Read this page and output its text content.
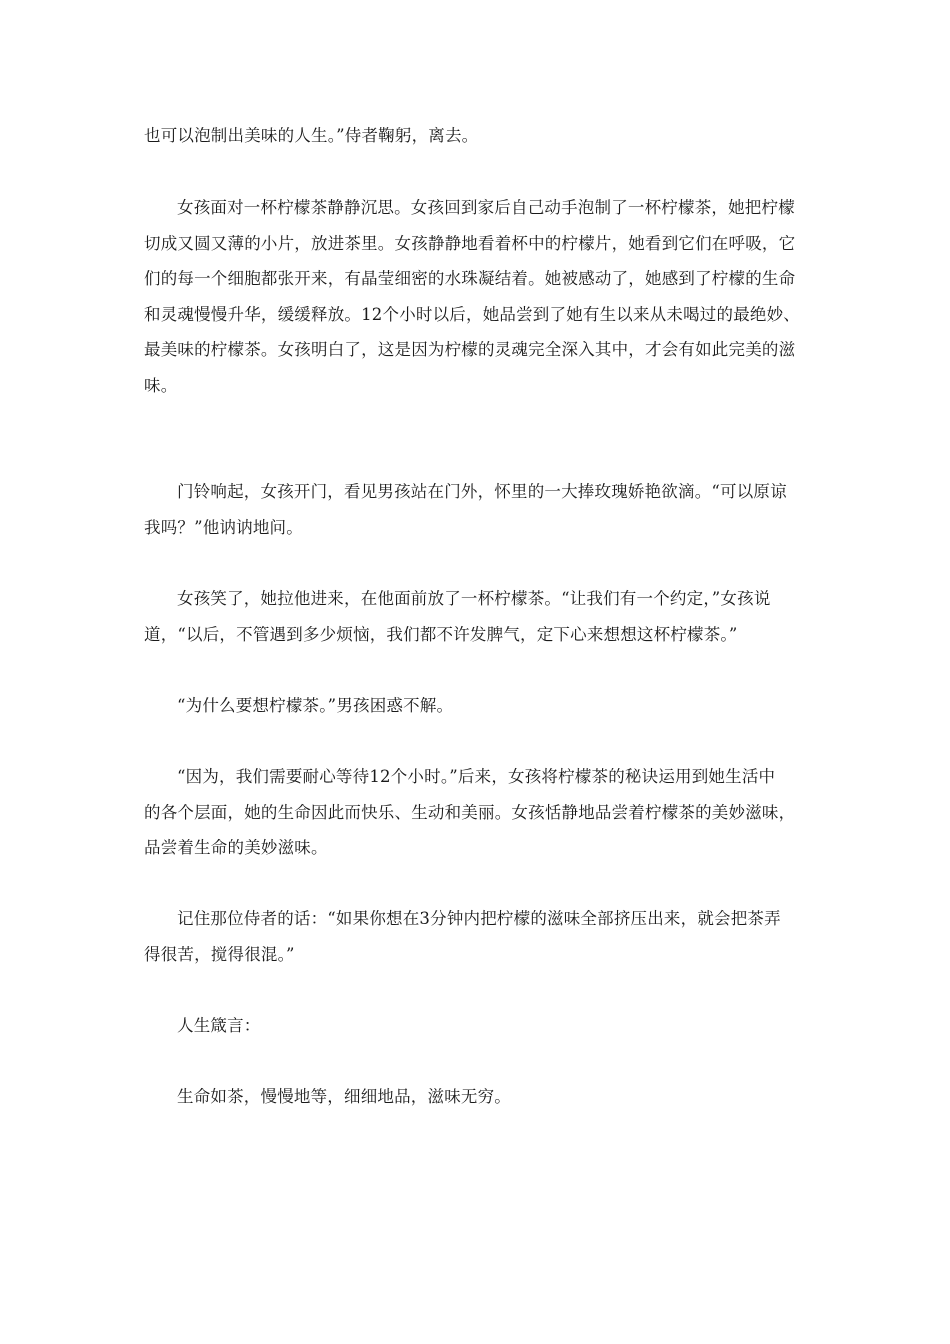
也可以泡制出美味的人生。”侍者鞠躬，离去。

女孩面对一杯柠檬茶静静沉思。女孩回到家后自己动手泡制了一杯柠檬茶，她把柠檬
切成又圆又薄的小片，放进茶里。女孩静静地看着杯中的柠檬片，她看到它们在呼吸，它
们的每一个细胞都张开来，有晶莹细密的水珠凝结着。她被感动了，她感到了柠檬的生命
和灵魂慢慢升华，缓缓释放。12个小时以后，她品尝到了她有生以来从未喝过的最绝妙、
最美味的柠檬茶。女孩明白了，这是因为柠檬的灵魂完全深入其中，才会有如此完美的滋
味。

门铃响起，女孩开门，看见男孩站在门外，怀里的一大捧玫瑰娇艳欲滴。“可以原谅
我吗？”他讷讷地问。

女孩笑了，她拉他进来，在他面前放了一杯柠檬茶。“让我们有一个约定，”女孩说
道，“以后，不管遇到多少烦恼，我们都不许发脾气，定下心来想想这杯柠檬茶。”

“为什么要想柠檬茶。”男孩困惑不解。

“因为，我们需要耐心等待12个小时。”后来，女孩将柠檬茶的秘诀运用到她生活中
的各个层面，她的生命因此而快乐、生动和美丽。女孩恬静地品尝着柠檬茶的美妙滋味，
品尝着生命的美妙滋味。

记住那位侍者的话：“如果你想在3分钟内把柠檬的滋味全部挤压出来，就会把茶弄
得很苦，搅得很混。”

人生箴言：

生命如茶，慢慢地等，细细地品，滋味无穷。
